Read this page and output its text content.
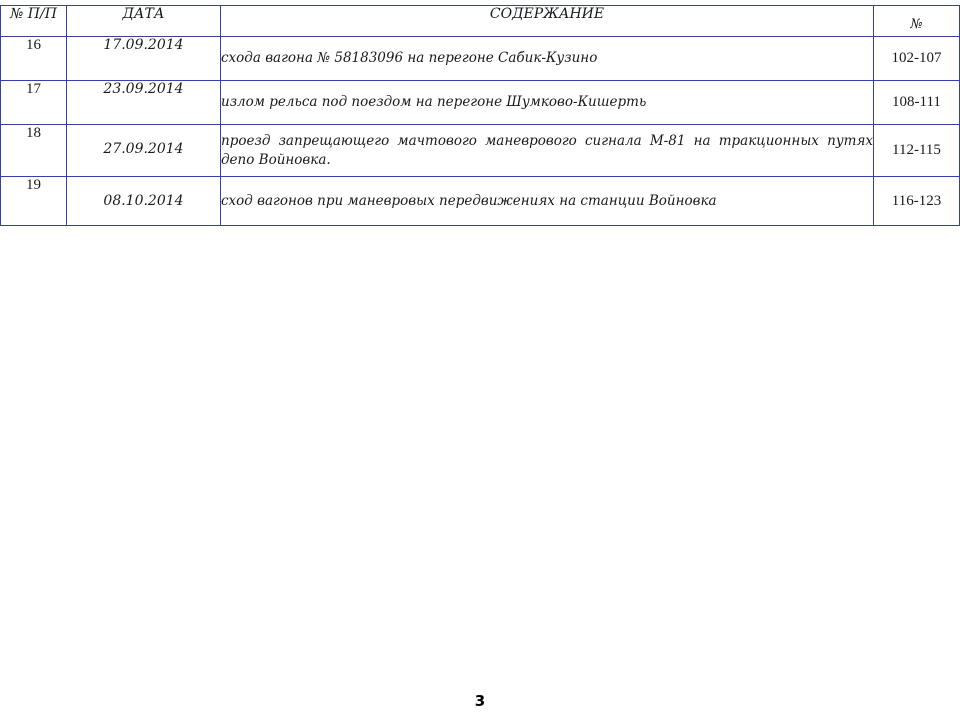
№ П/П	ДАТА	СОДЕРЖАНИЕ	№
16	17.09.2014	схода вагона № 58183096 на перегоне Сабик-Кузино	102-107
17	23.09.2014	излом рельса под поездом на перегоне Шумково-Кишерть	108-111
18	27.09.2014	проезд запрещающего мачтового маневрового сигнала М-81 на тракционных путях депо Войновка.	112-115
19	08.10.2014	сход вагонов при маневровых передвижениях на станции Войновка	116-123
3
